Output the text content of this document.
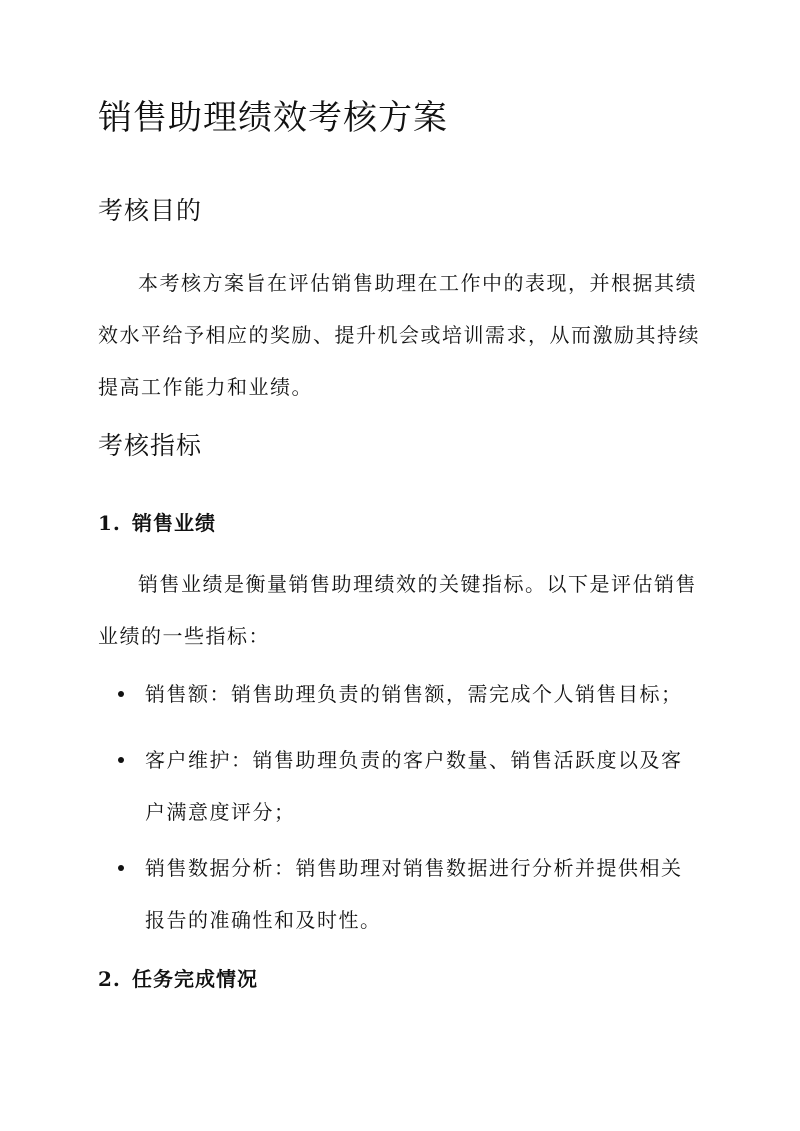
销售助理绩效考核方案
考核目的

本考核方案旨在评估销售助理在工作中的表现，并根据其绩效水平给予相应的奖励、提升机会或培训需求，从而激励其持续提高工作能力和业绩。

考核指标
1. 销售业绩

销售业绩是衡量销售助理绩效的关键指标。以下是评估销售业绩的一些指标：

销售额：销售助理负责的销售额，需完成个人销售目标；
客户维护：销售助理负责的客户数量、销售活跃度以及客户满意度评分；
销售数据分析：销售助理对销售数据进行分析并提供相关报告的准确性和及时性。
2. 任务完成情况
